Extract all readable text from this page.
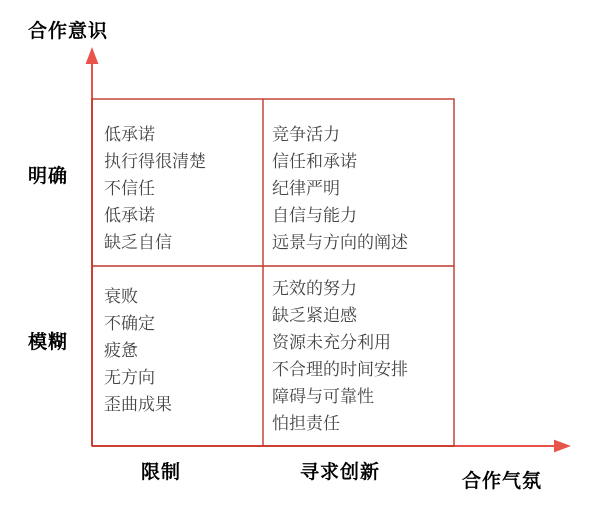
合作意识
合作气氛
明确
模糊
限制	寻求创新
低承诺
执行得很清楚
不信任
低承诺
缺乏自信
竞争活力
信任和承诺
纪律严明
自信与能力
远景与方向的阐述
衰败
不确定
疲惫
无方向
歪曲成果
无效的努力
缺乏紧迫感
资源未充分利用
不合理的时间安排
障碍与可靠性
怕担责任
